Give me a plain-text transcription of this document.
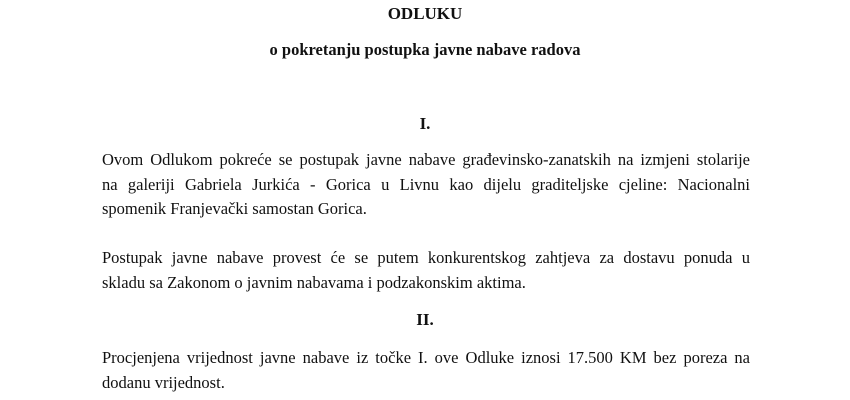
ODLUKU
o pokretanju postupka javne nabave radova
I.

Ovom Odlukom pokreće se postupak javne nabave građevinsko-zanatskih na izmjeni stolarije
na galeriji Gabriela Jurkića - Gorica u Livnu kao dijelu graditeljske cjeline: Nacionalni
spomenik Franjevački samostan Gorica.

Postupak javne nabave provest će se putem konkurentskog zahtjeva za dostavu ponuda u
skladu sa Zakonom o javnim nabavama i podzakonskim aktima.

II.

Procjenjena vrijednost javne nabave iz točke I. ove Odluke iznosi 17.500 KM bez poreza na
dodanu vrijednost.
